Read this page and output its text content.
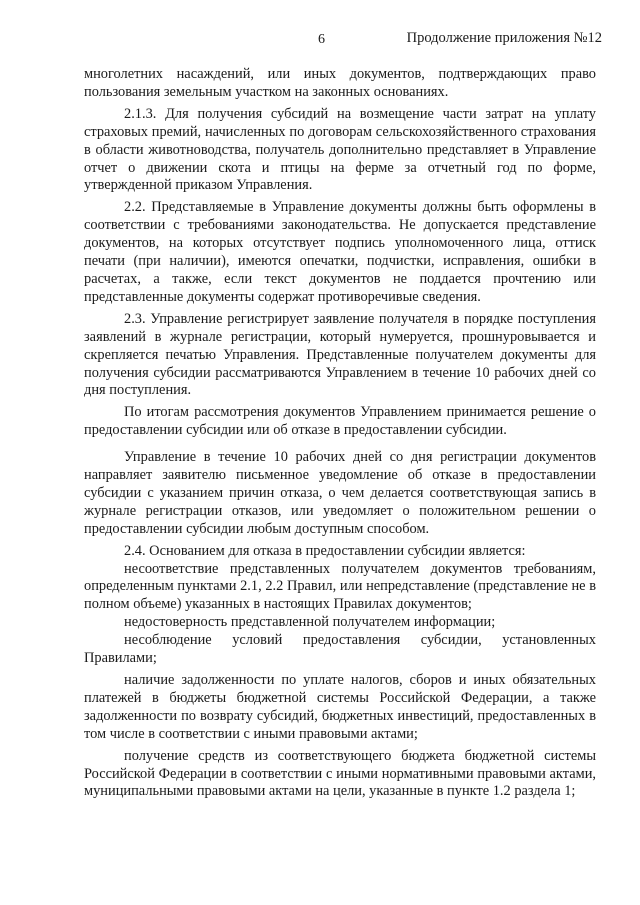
6	Продолжение приложения №12

многолетних насаждений, или иных документов, подтверждающих право пользования земельным участком на законных основаниях.

2.1.3. Для получения субсидий на возмещение части затрат на уплату страховых премий, начисленных по договорам сельскохозяйственного страхования в области животноводства, получатель дополнительно представляет в Управление отчет о движении скота и птицы на ферме за отчетный год по форме, утвержденной приказом Управления.

2.2. Представляемые в Управление документы должны быть оформлены в соответствии с требованиями законодательства. Не допускается представление документов, на которых отсутствует подпись уполномоченного лица, оттиск печати (при наличии), имеются опечатки, подчистки, исправления, ошибки в расчетах, а также, если текст документов не поддается прочтению или представленные документы содержат противоречивые сведения.

2.3. Управление регистрирует заявление получателя в порядке поступления заявлений в журнале регистрации, который нумеруется, прошнуровывается и скрепляется печатью Управления. Представленные получателем документы для получения субсидии рассматриваются Управлением в течение 10 рабочих дней со дня поступления.

По итогам рассмотрения документов Управлением принимается решение о предоставлении субсидии или об отказе в предоставлении субсидии.

Управление в течение 10 рабочих дней со дня регистрации документов направляет заявителю письменное уведомление об отказе в предоставлении субсидии с указанием причин отказа, о чем делается соответствующая запись в журнале регистрации отказов, или уведомляет о положительном решении о предоставлении субсидии любым доступным способом.

2.4. Основанием для отказа в предоставлении субсидии является:

несоответствие представленных получателем документов требованиям, определенным пунктами 2.1, 2.2 Правил, или непредставление (представление не в полном объеме) указанных в настоящих Правилах документов;

недостоверность представленной получателем информации;

несоблюдение условий предоставления субсидии, установленных Правилами;

наличие задолженности по уплате налогов, сборов и иных обязательных платежей в бюджеты бюджетной системы Российской Федерации, а также задолженности по возврату субсидий, бюджетных инвестиций, предоставленных в том числе в соответствии с иными правовыми актами;

получение средств из соответствующего бюджета бюджетной системы Российской Федерации в соответствии с иными нормативными правовыми актами, муниципальными правовыми актами на цели, указанные в пункте 1.2 раздела 1;
